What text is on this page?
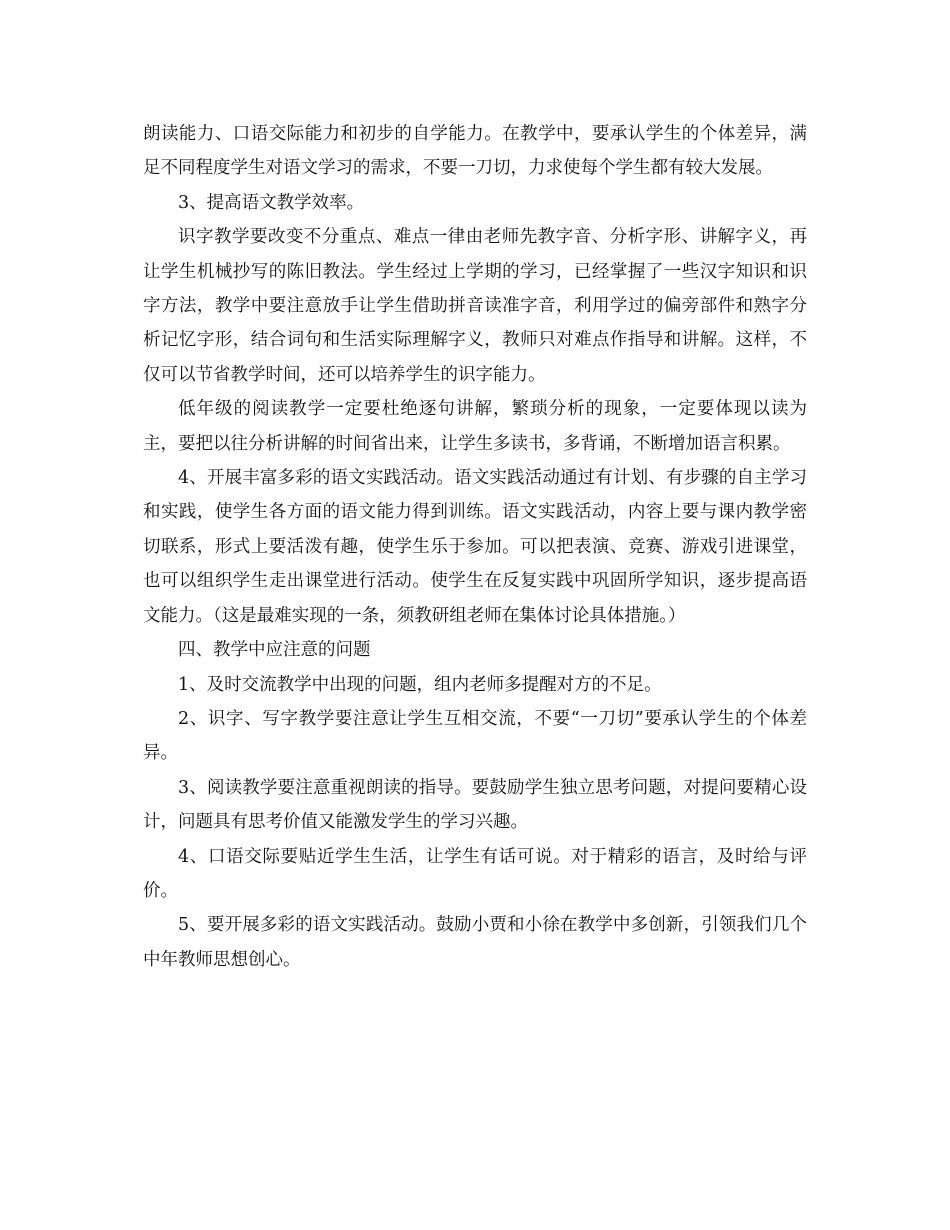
朗读能力、口语交际能力和初步的自学能力。在教学中，要承认学生的个体差异，满足不同程度学生对语文学习的需求，不要一刀切，力求使每个学生都有较大发展。

3、提高语文教学效率。

识字教学要改变不分重点、难点一律由老师先教字音、分析字形、讲解字义，再让学生机械抄写的陈旧教法。学生经过上学期的学习，已经掌握了一些汉字知识和识字方法，教学中要注意放手让学生借助拼音读准字音，利用学过的偏旁部件和熟字分析记忆字形，结合词句和生活实际理解字义，教师只对难点作指导和讲解。这样，不仅可以节省教学时间，还可以培养学生的识字能力。

低年级的阅读教学一定要杜绝逐句讲解，繁琐分析的现象，一定要体现以读为主，要把以往分析讲解的时间省出来，让学生多读书，多背诵，不断增加语言积累。

4、开展丰富多彩的语文实践活动。语文实践活动通过有计划、有步骤的自主学习和实践，使学生各方面的语文能力得到训练。语文实践活动，内容上要与课内教学密切联系，形式上要活泼有趣，使学生乐于参加。可以把表演、竞赛、游戏引进课堂，也可以组织学生走出课堂进行活动。使学生在反复实践中巩固所学知识，逐步提高语文能力。（这是最难实现的一条，须教研组老师在集体讨论具体措施。）

四、教学中应注意的问题

1、及时交流教学中出现的问题，组内老师多提醒对方的不足。

2、识字、写字教学要注意让学生互相交流，不要“一刀切”要承认学生的个体差异。

3、阅读教学要注意重视朗读的指导。要鼓励学生独立思考问题，对提问要精心设计，问题具有思考价值又能激发学生的学习兴趣。

4、口语交际要贴近学生生活，让学生有话可说。对于精彩的语言，及时给与评价。

5、要开展多彩的语文实践活动。鼓励小贾和小徐在教学中多创新，引领我们几个中年教师思想创心。
